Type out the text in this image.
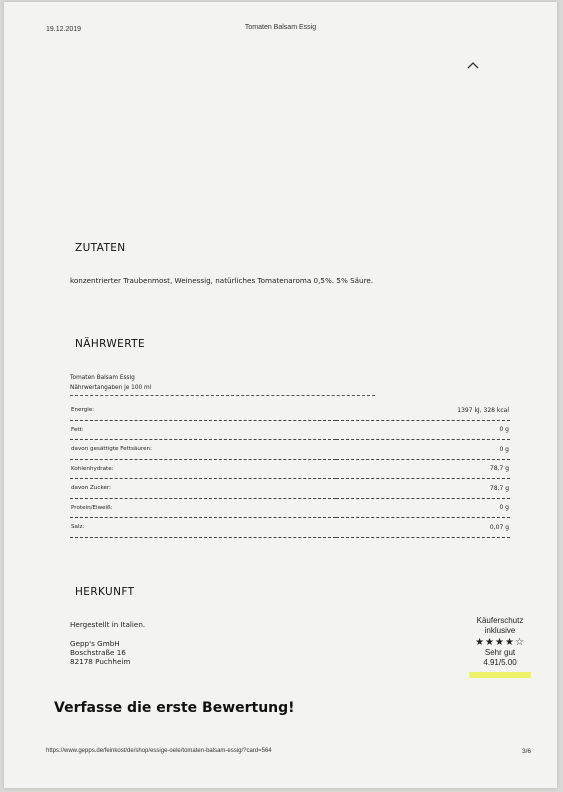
19.12.2019	Tomaten Balsam Essig
ZUTATEN
konzentrierter Traubenmost, Weinessig, natürliches Tomatenaroma 0,5%. 5% Säure.
NÄHRWERTE
Tomaten Balsam Essig
Nährwertangaben je 100 ml
Energie:	1397 kJ, 328 kcal
Fett:	0 g
davon gesättigte Fettsäuren:	0 g
Kohlenhydrate:	78,7 g
davon Zucker:	78,7 g
Protein/Eiweiß:	0 g
Salz:	0,07 g
HERKUNFT
Hergestellt in Italien.
Gepp's GmbH
Boschstraße 16
82178 Puchheim
Käuferschutz
inklusive
★★★★☆
Sehr gut
4.91/5.00
Verfasse die erste Bewertung!
https://www.gepps.de/feinkost/de/shop/essige-oele/tomaten-balsam-essig/?card=564	3/6
